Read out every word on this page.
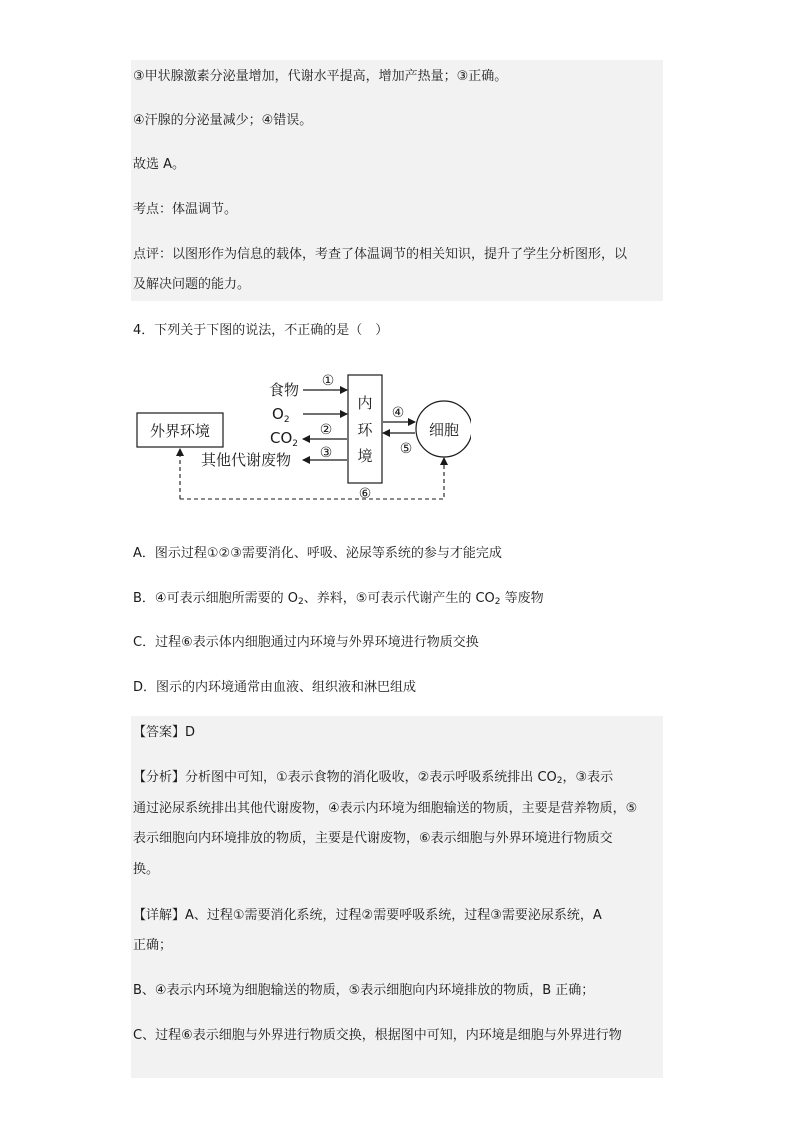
③甲状腺激素分泌量增加，代谢水平提高，增加产热量；③正确。
④汗腺的分泌量减少；④错误。
故选 A。
考点：体温调节。
点评：以图形作为信息的载体，考查了体温调节的相关知识，提升了学生分析图形，以
及解决问题的能力。
4．下列关于下图的说法，不正确的是（　）
外界环境
内
环
境
细胞
食物 ①
$O_2$
$CO_2$
②
其他代谢废物 ③
④
⑤
⑥
A．图示过程①②③需要消化、呼吸、泌尿等系统的参与才能完成
B．④可表示细胞所需要的 $O_2$、养料，⑤可表示代谢产生的 $CO_2$ 等废物
C．过程⑥表示体内细胞通过内环境与外界环境进行物质交换
D．图示的内环境通常由血液、组织液和淋巴组成
【答案】D
【分析】分析图中可知，①表示食物的消化吸收，②表示呼吸系统排出 $CO_2$，③表示
通过泌尿系统排出其他代谢废物，④表示内环境为细胞输送的物质，主要是营养物质，⑤
表示细胞向内环境排放的物质，主要是代谢废物，⑥表示细胞与外界环境进行物质交
换。
【详解】A、过程①需要消化系统，过程②需要呼吸系统，过程③需要泌尿系统，A
正确；
B、④表示内环境为细胞输送的物质，⑤表示细胞向内环境排放的物质，B 正确；
C、过程⑥表示细胞与外界进行物质交换，根据图中可知，内环境是细胞与外界进行物
